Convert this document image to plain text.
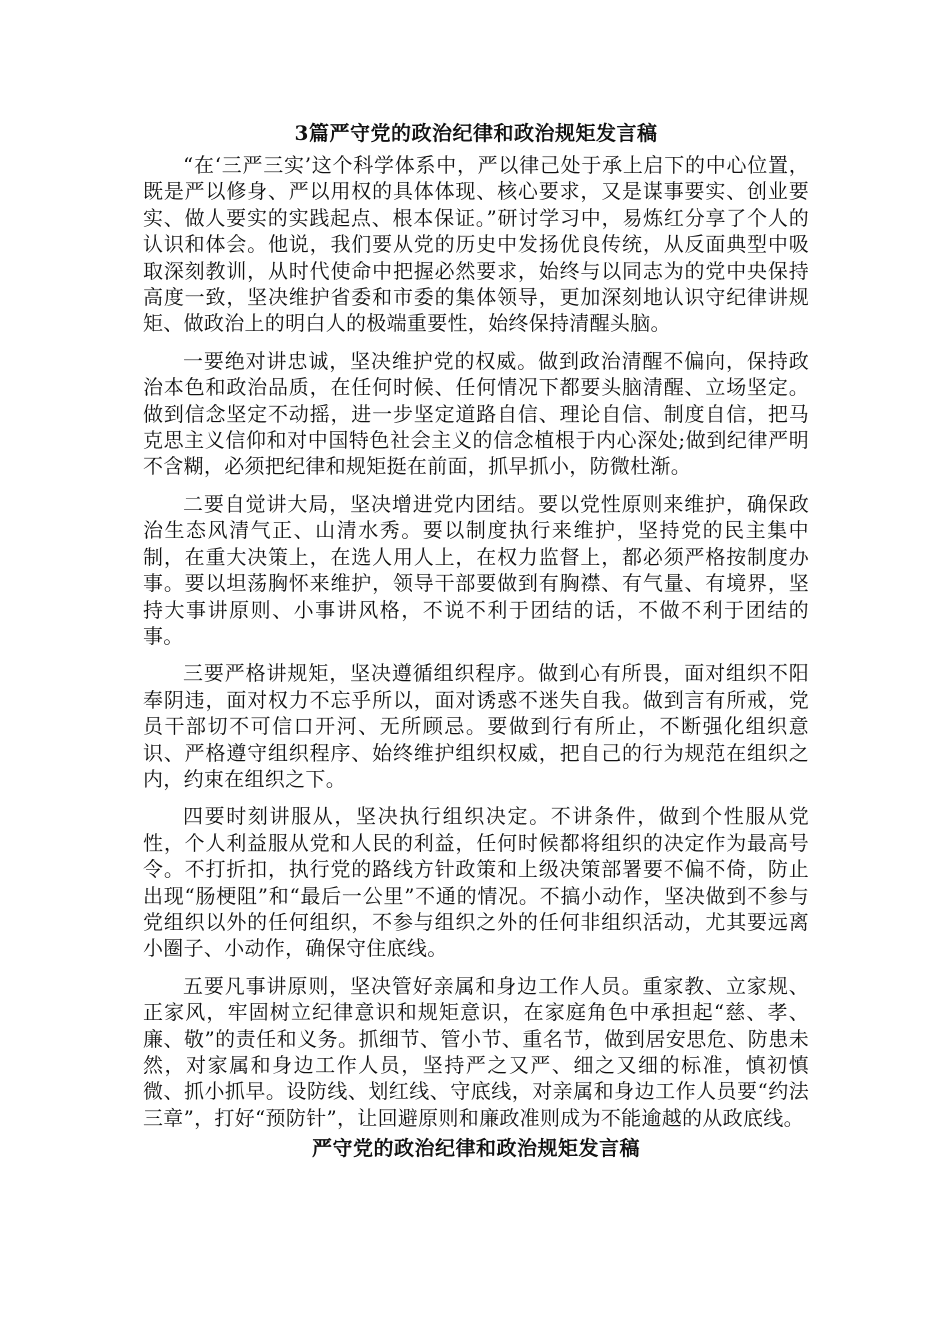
3篇严守党的政治纪律和政治规矩发言稿

“在‘三严三实’这个科学体系中，严以律己处于承上启下的中心位置，既是严以修身、严以用权的具体体现、核心要求，又是谋事要实、创业要实、做人要实的实践起点、根本保证。”研讨学习中，易炼红分享了个人的认识和体会。他说，我们要从党的历史中发扬优良传统，从反面典型中吸取深刻教训，从时代使命中把握必然要求，始终与以同志为的党中央保持高度一致，坚决维护省委和市委的集体领导，更加深刻地认识守纪律讲规矩、做政治上的明白人的极端重要性，始终保持清醒头脑。

一要绝对讲忠诚，坚决维护党的权威。做到政治清醒不偏向，保持政治本色和政治品质，在任何时候、任何情况下都要头脑清醒、立场坚定。做到信念坚定不动摇，进一步坚定道路自信、理论自信、制度自信，把马克思主义信仰和对中国特色社会主义的信念植根于内心深处;做到纪律严明不含糊，必须把纪律和规矩挺在前面，抓早抓小，防微杜渐。

二要自觉讲大局，坚决增进党内团结。要以党性原则来维护，确保政治生态风清气正、山清水秀。要以制度执行来维护，坚持党的民主集中制，在重大决策上，在选人用人上，在权力监督上，都必须严格按制度办事。要以坦荡胸怀来维护，领导干部要做到有胸襟、有气量、有境界，坚持大事讲原则、小事讲风格，不说不利于团结的话，不做不利于团结的事。

三要严格讲规矩，坚决遵循组织程序。做到心有所畏，面对组织不阳奉阴违，面对权力不忘乎所以，面对诱惑不迷失自我。做到言有所戒，党员干部切不可信口开河、无所顾忌。要做到行有所止，不断强化组织意识、严格遵守组织程序、始终维护组织权威，把自己的行为规范在组织之内，约束在组织之下。

四要时刻讲服从，坚决执行组织决定。不讲条件，做到个性服从党性，个人利益服从党和人民的利益，任何时候都将组织的决定作为最高号令。不打折扣，执行党的路线方针政策和上级决策部署要不偏不倚，防止出现“肠梗阻”和“最后一公里”不通的情况。不搞小动作，坚决做到不参与党组织以外的任何组织，不参与组织之外的任何非组织活动，尤其要远离小圈子、小动作，确保守住底线。

五要凡事讲原则，坚决管好亲属和身边工作人员。重家教、立家规、正家风，牢固树立纪律意识和规矩意识，在家庭角色中承担起“慈、孝、廉、敬”的责任和义务。抓细节、管小节、重名节，做到居安思危、防患未然，对家属和身边工作人员，坚持严之又严、细之又细的标准，慎初慎微、抓小抓早。设防线、划红线、守底线，对亲属和身边工作人员要“约法三章”，打好“预防针”，让回避原则和廉政准则成为不能逾越的从政底线。

严守党的政治纪律和政治规矩发言稿
